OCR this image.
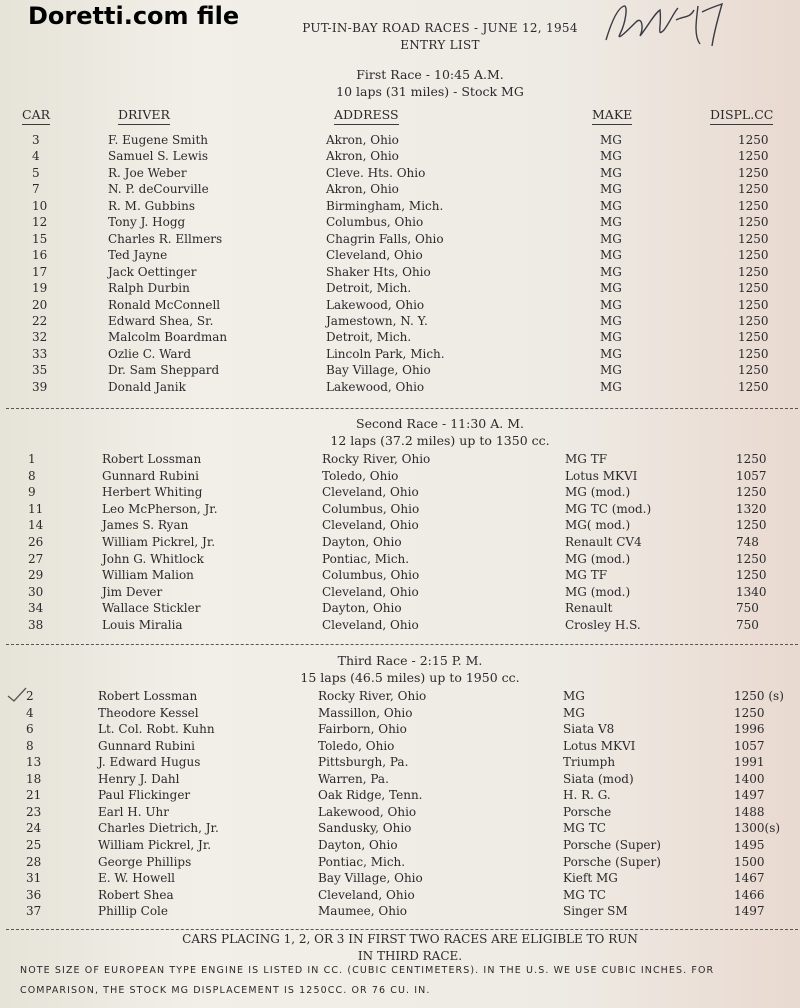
Doretti.com file	PUT-IN-BAY ROAD RACES - JUNE 12, 1954
ENTRY LIST
First Race - 10:45 A.M.
10 laps (31 miles) - Stock MG
CAR	DRIVER	ADDRESS	MAKE	DISPL.CC
3	F. Eugene Smith	Akron, Ohio	MG	1250
4	Samuel S. Lewis	Akron, Ohio	MG	1250
5	R. Joe Weber	Cleve. Hts. Ohio	MG	1250
7	N. P. deCourville	Akron, Ohio	MG	1250
10	R. M. Gubbins	Birmingham, Mich.	MG	1250
12	Tony J. Hogg	Columbus, Ohio	MG	1250
15	Charles R. Ellmers	Chagrin Falls, Ohio	MG	1250
16	Ted Jayne	Cleveland, Ohio	MG	1250
17	Jack Oettinger	Shaker Hts, Ohio	MG	1250
19	Ralph Durbin	Detroit, Mich.	MG	1250
20	Ronald McConnell	Lakewood, Ohio	MG	1250
22	Edward Shea, Sr.	Jamestown, N. Y.	MG	1250
32	Malcolm Boardman	Detroit, Mich.	MG	1250
33	Ozlie C. Ward	Lincoln Park, Mich.	MG	1250
35	Dr. Sam Sheppard	Bay Village, Ohio	MG	1250
39	Donald Janik	Lakewood, Ohio	MG	1250
Second Race - 11:30 A. M.
12 laps (37.2 miles) up to 1350 cc.
1	Robert Lossman	Rocky River, Ohio	MG TF	1250
8	Gunnard Rubini	Toledo, Ohio	Lotus MKVI	1057
9	Herbert Whiting	Cleveland, Ohio	MG (mod.)	1250
11	Leo McPherson, Jr.	Columbus, Ohio	MG TC (mod.)	1320
14	James S. Ryan	Cleveland, Ohio	MG( mod.)	1250
26	William Pickrel, Jr.	Dayton, Ohio	Renault CV4	748
27	John G. Whitlock	Pontiac, Mich.	MG (mod.)	1250
29	William Malion	Columbus, Ohio	MG TF	1250
30	Jim Dever	Cleveland, Ohio	MG (mod.)	1340
34	Wallace Stickler	Dayton, Ohio	Renault	750
38	Louis Miralia	Cleveland, Ohio	Crosley H.S.	750
Third Race - 2:15 P. M.
15 laps (46.5 miles) up to 1950 cc.
2	Robert Lossman	Rocky River, Ohio	MG	1250 (s)
4	Theodore Kessel	Massillon, Ohio	MG	1250
6	Lt. Col. Robt. Kuhn	Fairborn, Ohio	Siata V8	1996
8	Gunnard Rubini	Toledo, Ohio	Lotus MKVI	1057
13	J. Edward Hugus	Pittsburgh, Pa.	Triumph	1991
18	Henry J. Dahl	Warren, Pa.	Siata (mod)	1400
21	Paul Flickinger	Oak Ridge, Tenn.	H. R. G.	1497
23	Earl H. Uhr	Lakewood, Ohio	Porsche	1488
24	Charles Dietrich, Jr.	Sandusky, Ohio	MG TC	1300(s)
25	William Pickrel, Jr.	Dayton, Ohio	Porsche (Super)	1495
28	George Phillips	Pontiac, Mich.	Porsche (Super)	1500
31	E. W. Howell	Bay Village, Ohio	Kieft MG	1467
36	Robert Shea	Cleveland, Ohio	MG TC	1466
37	Phillip Cole	Maumee, Ohio	Singer SM	1497
CARS PLACING 1, 2, OR 3 IN FIRST TWO RACES ARE ELIGIBLE TO RUN
IN THIRD RACE.
NOTE SIZE OF EUROPEAN TYPE ENGINE IS LISTED IN CC. (CUBIC CENTIMETERS). IN THE U.S. WE USE CUBIC INCHES. FOR
COMPARISON, THE STOCK MG DISPLACEMENT IS 1250CC. OR 76 CU. IN.
